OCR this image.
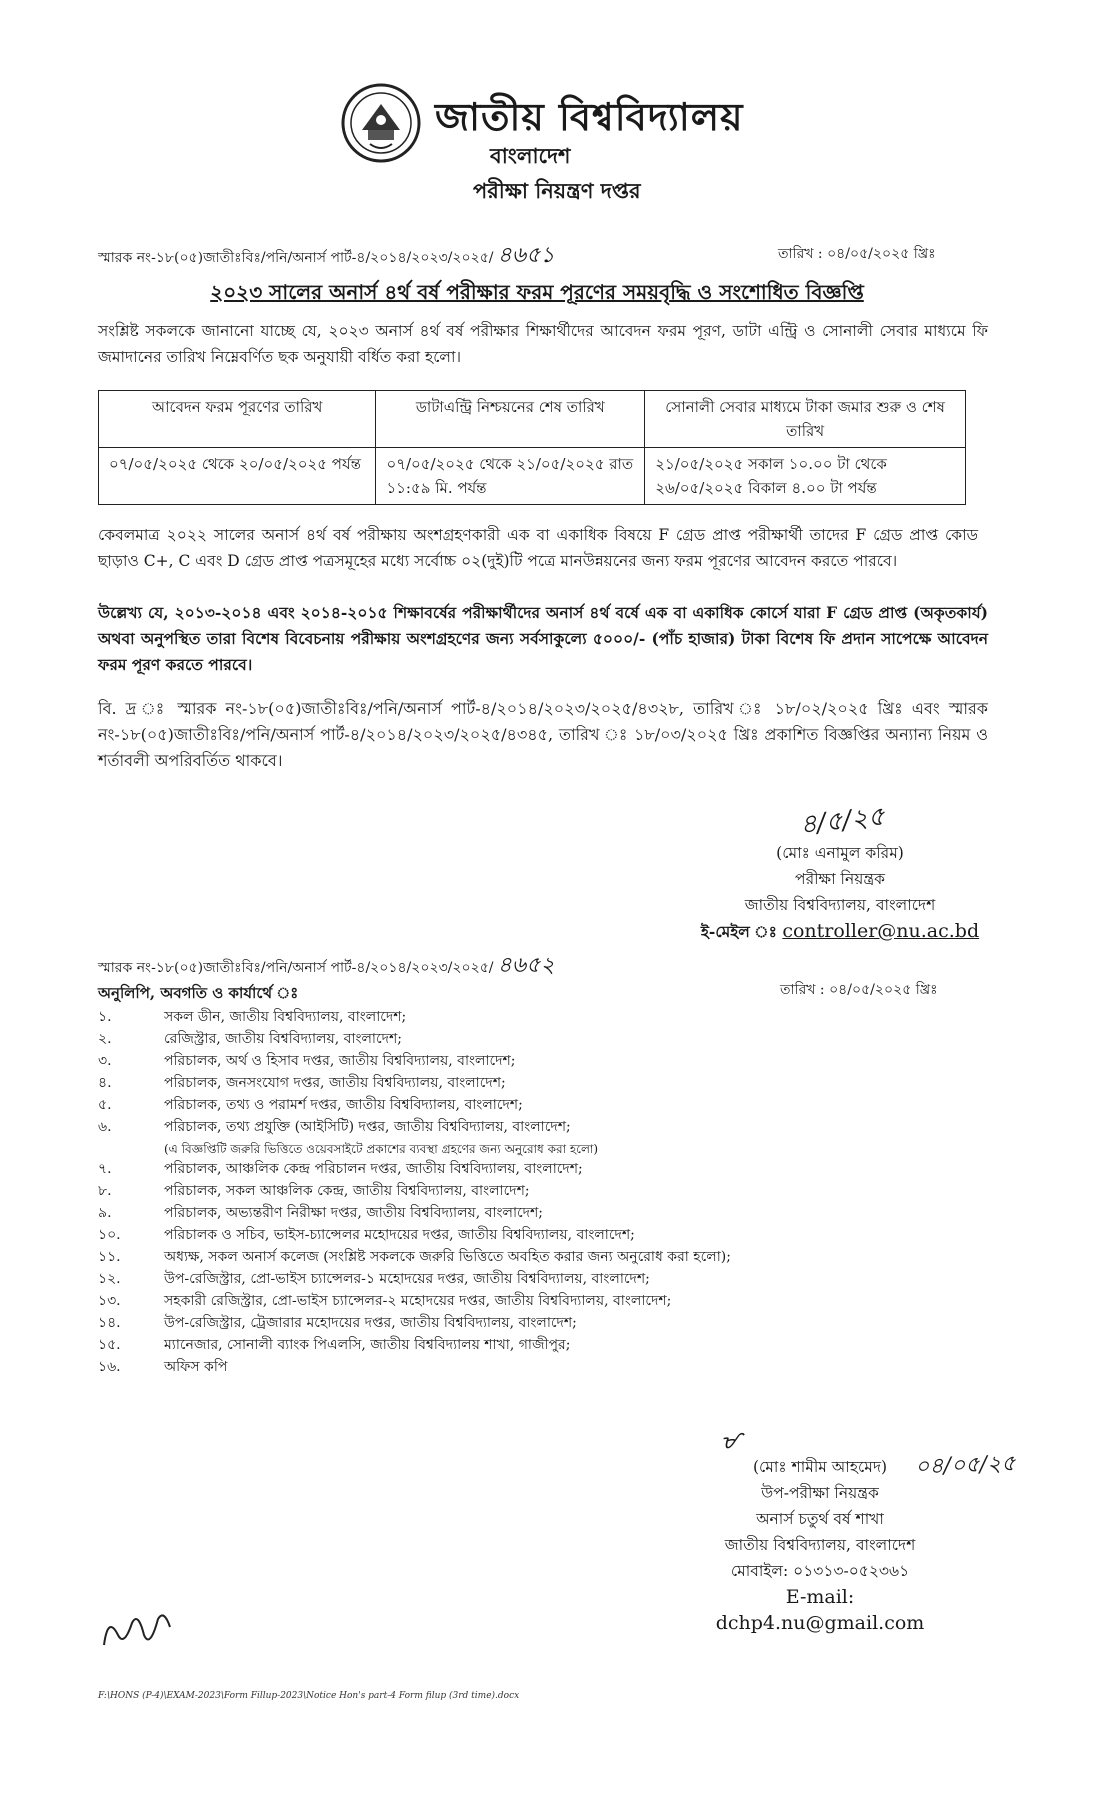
জাতীয় বিশ্ববিদ্যালয়
বাংলাদেশ
পরীক্ষা নিয়ন্ত্রণ দপ্তর
স্মারক নং-১৮(০৫)জাতীঃবিঃ/পনি/অনার্স পার্ট-৪/২০১৪/২০২৩/২০২৫/ ৪৬৫১	তারিখ : ০৪/০৫/২০২৫ খ্রিঃ
২০২৩ সালের অনার্স ৪র্থ বর্ষ পরীক্ষার ফরম পূরণের সময়বৃদ্ধি ও সংশোধিত বিজ্ঞপ্তি
সংশ্লিষ্ট সকলকে জানানো যাচ্ছে যে, ২০২৩ অনার্স ৪র্থ বর্ষ পরীক্ষার শিক্ষার্থীদের আবেদন ফরম পূরণ, ডাটা এন্ট্রি ও সোনালী সেবার মাধ্যমে ফি জমাদানের তারিখ নিম্নেবর্ণিত ছক অনুযায়ী বর্ধিত করা হলো।
আবেদন ফরম পূরণের তারিখ	ডাটাএন্ট্রি নিশ্চয়নের শেষ তারিখ	সোনালী সেবার মাধ্যমে টাকা জমার শুরু ও শেষ তারিখ
০৭/০৫/২০২৫ থেকে ২০/০৫/২০২৫ পর্যন্ত	০৭/০৫/২০২৫ থেকে ২১/০৫/২০২৫ রাত ১১:৫৯ মি. পর্যন্ত	২১/০৫/২০২৫ সকাল ১০.০০ টা থেকে ২৬/০৫/২০২৫ বিকাল ৪.০০ টা পর্যন্ত
কেবলমাত্র ২০২২ সালের অনার্স ৪র্থ বর্ষ পরীক্ষায় অংশগ্রহণকারী এক বা একাধিক বিষয়ে F গ্রেড প্রাপ্ত পরীক্ষার্থী তাদের F গ্রেড প্রাপ্ত কোড ছাড়াও C+, C এবং D গ্রেড প্রাপ্ত পত্রসমূহের মধ্যে সর্বোচ্চ ০২(দুই)টি পত্রে মানউন্নয়নের জন্য ফরম পূরণের আবেদন করতে পারবে।
উল্লেখ্য যে, ২০১৩-২০১৪ এবং ২০১৪-২০১৫ শিক্ষাবর্ষের পরীক্ষার্থীদের অনার্স ৪র্থ বর্ষে এক বা একাধিক কোর্সে যারা F গ্রেড প্রাপ্ত (অকৃতকার্য) অথবা অনুপস্থিত তারা বিশেষ বিবেচনায় পরীক্ষায় অংশগ্রহণের জন্য সর্বসাকুল্যে ৫০০০/- (পাঁচ হাজার) টাকা বিশেষ ফি প্রদান সাপেক্ষে আবেদন ফরম পূরণ করতে পারবে।
বি. দ্র ঃ স্মারক নং-১৮(০৫)জাতীঃবিঃ/পনি/অনার্স পার্ট-৪/২০১৪/২০২৩/২০২৫/৪৩২৮, তারিখ ঃ ১৮/০২/২০২৫ খ্রিঃ এবং স্মারক নং-১৮(০৫)জাতীঃবিঃ/পনি/অনার্স পার্ট-৪/২০১৪/২০২৩/২০২৫/৪৩৪৫, তারিখ ঃ ১৮/০৩/২০২৫ খ্রিঃ প্রকাশিত বিজ্ঞপ্তির অন্যান্য নিয়ম ও শর্তাবলী অপরিবর্তিত থাকবে।
৪/৫/২৫
(মোঃ এনামুল করিম)
পরীক্ষা নিয়ন্ত্রক
জাতীয় বিশ্ববিদ্যালয়, বাংলাদেশ
ই-মেইল ঃ controller@nu.ac.bd
স্মারক নং-১৮(০৫)জাতীঃবিঃ/পনি/অনার্স পার্ট-৪/২০১৪/২০২৩/২০২৫/ ৪৬৫২
তারিখ : ০৪/০৫/২০২৫ খ্রিঃ
অনুলিপি, অবগতি ও কার্যার্থে ঃ
১.	সকল ডীন, জাতীয় বিশ্ববিদ্যালয়, বাংলাদেশ;
২.	রেজিস্ট্রার, জাতীয় বিশ্ববিদ্যালয়, বাংলাদেশ;
৩.	পরিচালক, অর্থ ও হিসাব দপ্তর, জাতীয় বিশ্ববিদ্যালয়, বাংলাদেশ;
৪.	পরিচালক, জনসংযোগ দপ্তর, জাতীয় বিশ্ববিদ্যালয়, বাংলাদেশ;
৫.	পরিচালক, তথ্য ও পরামর্শ দপ্তর, জাতীয় বিশ্ববিদ্যালয়, বাংলাদেশ;
৬.	পরিচালক, তথ্য প্রযুক্তি (আইসিটি) দপ্তর, জাতীয় বিশ্ববিদ্যালয়, বাংলাদেশ;
(এ বিজ্ঞপ্তিটি জরুরি ভিত্তিতে ওয়েবসাইটে প্রকাশের ব্যবস্থা গ্রহণের জন্য অনুরোধ করা হলো)
৭.	পরিচালক, আঞ্চলিক কেন্দ্র পরিচালন দপ্তর, জাতীয় বিশ্ববিদ্যালয়, বাংলাদেশ;
৮.	পরিচালক, সকল আঞ্চলিক কেন্দ্র, জাতীয় বিশ্ববিদ্যালয়, বাংলাদেশ;
৯.	পরিচালক, অভ্যন্তরীণ নিরীক্ষা দপ্তর, জাতীয় বিশ্ববিদ্যালয়, বাংলাদেশ;
১০.	পরিচালক ও সচিব, ভাইস-চ্যান্সেলর মহোদয়ের দপ্তর, জাতীয় বিশ্ববিদ্যালয়, বাংলাদেশ;
১১.	অধ্যক্ষ, সকল অনার্স কলেজ (সংশ্লিষ্ট সকলকে জরুরি ভিত্তিতে অবহিত করার জন্য অনুরোধ করা হলো);
১২.	উপ-রেজিস্ট্রার, প্রো-ভাইস চ্যান্সেলর-১ মহোদয়ের দপ্তর, জাতীয় বিশ্ববিদ্যালয়, বাংলাদেশ;
১৩.	সহকারী রেজিস্ট্রার, প্রো-ভাইস চ্যান্সেলর-২ মহোদয়ের দপ্তর, জাতীয় বিশ্ববিদ্যালয়, বাংলাদেশ;
১৪.	উপ-রেজিস্ট্রার, ট্রেজারার মহোদয়ের দপ্তর, জাতীয় বিশ্ববিদ্যালয়, বাংলাদেশ;
১৫.	ম্যানেজার, সোনালী ব্যাংক পিএলসি, জাতীয় বিশ্ববিদ্যালয় শাখা, গাজীপুর;
১৬.	অফিস কপি
ᜋ
০৪/০৫/২৫
(মোঃ শামীম আহমেদ)
উপ-পরীক্ষা নিয়ন্ত্রক
অনার্স চতুর্থ বর্ষ শাখা
জাতীয় বিশ্ববিদ্যালয়, বাংলাদেশ
মোবাইল: ০১৩১৩-০৫২৩৬১
E-mail: dchp4.nu@gmail.com
F:\HONS (P-4)\EXAM-2023\Form Fillup-2023\Notice Hon's part-4 Form filup (3rd time).docx
